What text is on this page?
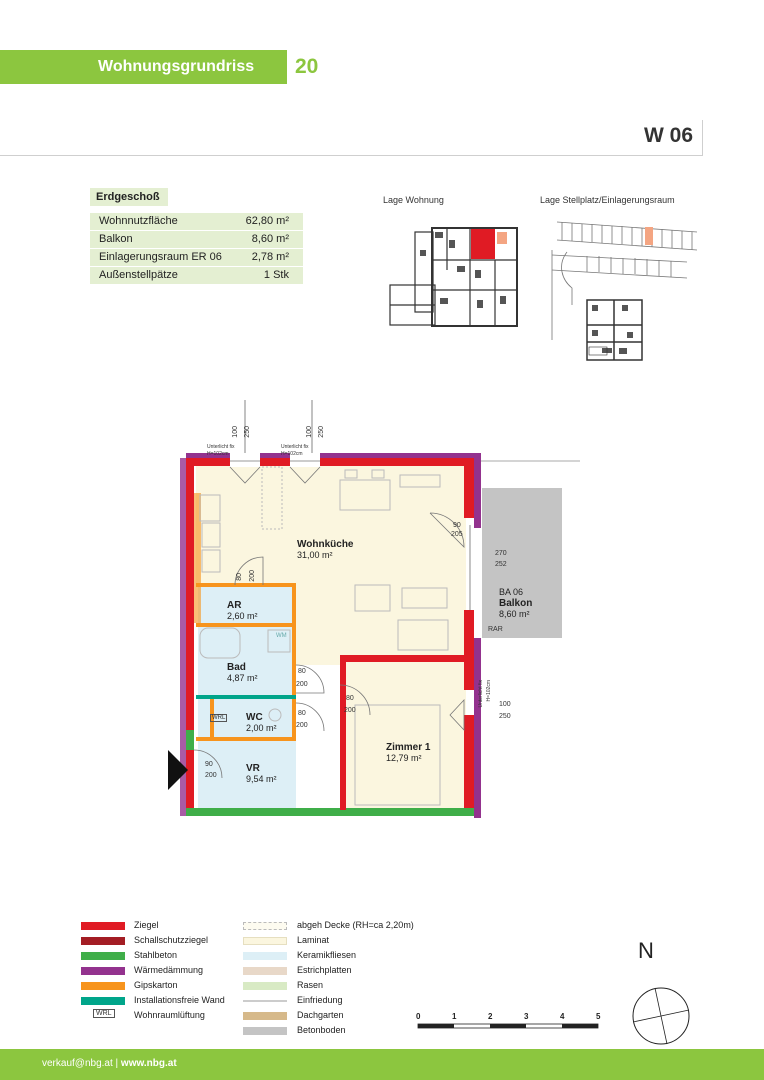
Wohnungsgrundriss 20
W 06
Erdgeschoß
Wohnnutzfläche	62,80 m²
Balkon	8,60 m²
Einlagerungsraum ER 06	2,78 m²
Außenstellpätze	1 Stk
Lage Wohnung	Lage Stellplatz/Einlagerungsraum
100 250	100 250
Unterlicht fix
H=102cm
Unterlicht fix
H=102cm
Wohnküche
31,00 m²
AR
2,60 m²
Bad
4,87 m²
WC
2,00 m²
VR
9,54 m²
Zimmer 1
12,79 m²
BA 06
Balkon
8,60 m²
RAR
WRL
WM
90
205
270
252
80 200
80
200
80
200
80
200
90
200
100
250
Unterlicht fix H=102cm
Ziegel
Schallschutzziegel
Stahlbeton
Wärmedämmung
Gipskarton
Installationsfreie Wand
WRL	Wohnraumlüftung
abgeh Decke (RH=ca 2,20m)
Laminat
Keramikfliesen
Estrichplatten
Rasen
Einfriedung
Dachgarten
Betonboden
0	1	2	3	4	5
N
verkauf@nbg.at | www.nbg.at
